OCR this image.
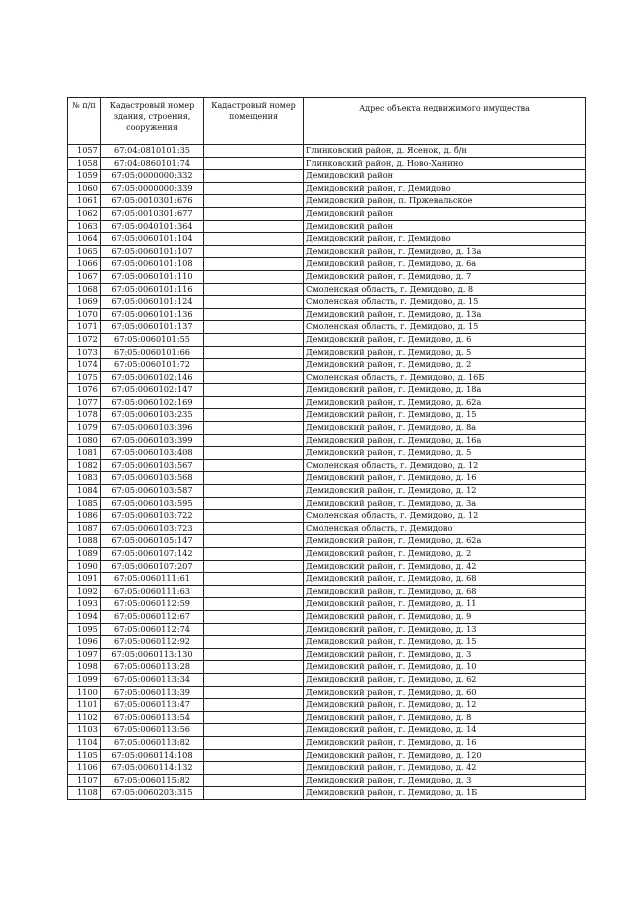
№ п/п	Кадастровый номер здания, строения, сооружения	Кадастровый номер помещения	Адрес объекта недвижимого имущества
1057	67:04:0810101:35		Глинковский район, д. Ясенок, д. б/н
1058	67:04:0860101:74		Глинковский район, д. Ново-Ханино
1059	67:05:0000000:332		Демидовский район
1060	67:05:0000000:339		Демидовский район, г. Демидово
1061	67:05:0010301:676		Демидовский район, п. Пржевальское
1062	67:05:0010301:677		Демидовский район
1063	67:05:0040101:364		Демидовский район
1064	67:05:0060101:104		Демидовский район, г. Демидово
1065	67:05:0060101:107		Демидовский район, г. Демидово, д. 13а
1066	67:05:0060101:108		Демидовский район, г. Демидово, д. 6а
1067	67:05:0060101:110		Демидовский район, г. Демидово, д. 7
1068	67:05:0060101:116		Смоленская область, г. Демидово, д. 8
1069	67:05:0060101:124		Смоленская область, г. Демидово, д. 15
1070	67:05:0060101:136		Демидовский район, г. Демидово, д. 13а
1071	67:05:0060101:137		Смоленская область, г. Демидово, д. 15
1072	67:05:0060101:55		Демидовский район, г. Демидово, д. 6
1073	67:05:0060101:66		Демидовский район, г. Демидово, д. 5
1074	67:05:0060101:72		Демидовский район, г. Демидово, д. 2
1075	67:05:0060102:146		Смоленская область, г. Демидово, д. 16Б
1076	67:05:0060102:147		Демидовский район, г. Демидово, д. 18а
1077	67:05:0060102:169		Демидовский район, г. Демидово, д. 62а
1078	67:05:0060103:235		Демидовский район, г. Демидово, д. 15
1079	67:05:0060103:396		Демидовский район, г. Демидово, д. 8а
1080	67:05:0060103:399		Демидовский район, г. Демидово, д. 16а
1081	67:05:0060103:408		Демидовский район, г. Демидово, д. 5
1082	67:05:0060103:567		Смоленская область, г. Демидово, д. 12
1083	67:05:0060103:568		Демидовский район, г. Демидово, д. 16
1084	67:05:0060103:587		Демидовский район, г. Демидово, д. 12
1085	67:05:0060103:595		Демидовский район, г. Демидово, д. 3а
1086	67:05:0060103:722		Смоленская область, г. Демидово, д. 12
1087	67:05:0060103:723		Смоленская область, г. Демидово
1088	67:05:0060105:147		Демидовский район, г. Демидово, д. 62а
1089	67:05:0060107:142		Демидовский район, г. Демидово, д. 2
1090	67:05:0060107:207		Демидовский район, г. Демидово, д. 42
1091	67:05:0060111:61		Демидовский район, г. Демидово, д. 68
1092	67:05:0060111:63		Демидовский район, г. Демидово, д. 68
1093	67:05:0060112:59		Демидовский район, г. Демидово, д. 11
1094	67:05:0060112:67		Демидовский район, г. Демидово, д. 9
1095	67:05:0060112:74		Демидовский район, г. Демидово, д. 13
1096	67:05:0060112:92		Демидовский район, г. Демидово, д. 15
1097	67:05:0060113:130		Демидовский район, г. Демидово, д. 3
1098	67:05:0060113:28		Демидовский район, г. Демидово, д. 10
1099	67:05:0060113:34		Демидовский район, г. Демидово, д. 62
1100	67:05:0060113:39		Демидовский район, г. Демидово, д. 60
1101	67:05:0060113:47		Демидовский район, г. Демидово, д. 12
1102	67:05:0060113:54		Демидовский район, г. Демидово, д. 8
1103	67:05:0060113:56		Демидовский район, г. Демидово, д. 14
1104	67:05:0060113:82		Демидовский район, г. Демидово, д. 16
1105	67:05:0060114:108		Демидовский район, г. Демидово, д. 120
1106	67:05:0060114:132		Демидовский район, г. Демидово, д. 42
1107	67:05:0060115:82		Демидовский район, г. Демидово, д. 3
1108	67:05:0060203:315		Демидовский район, г. Демидово, д. 1Б
